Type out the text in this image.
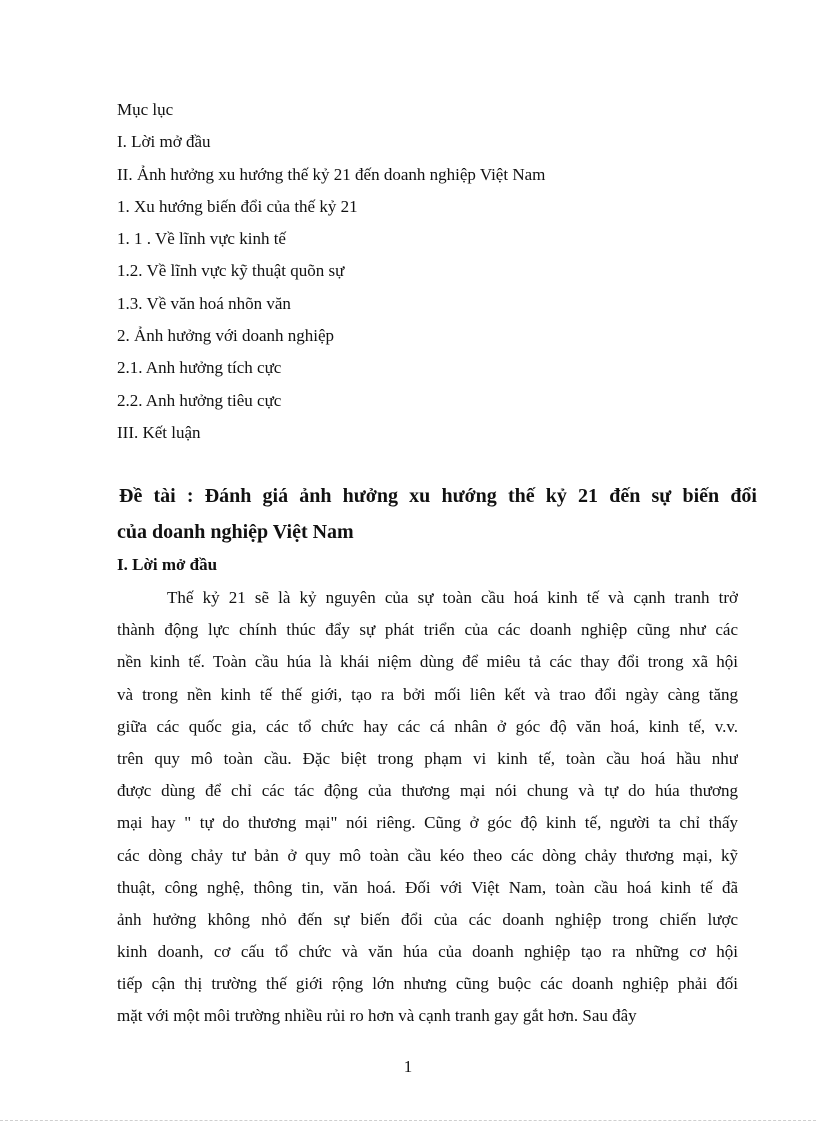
Mục lục
I. Lời mở đầu
II. Ảnh hưởng xu hướng thế kỷ 21 đến doanh nghiệp Việt Nam
1. Xu hướng biến đổi của thế kỷ 21
1. 1 . Về lĩnh vực kinh tế
1.2. Về lĩnh vực kỹ thuật quõn sự
1.3. Về văn hoá nhõn văn
2. Ảnh hưởng với doanh nghiệp
2.1. Anh hưởng tích cực
2.2. Anh hưởng tiêu cực
III. Kết luận
Đề tài : Đánh giá ảnh hưởng xu hướng thế kỷ 21 đến sự biến đổi
của doanh nghiệp Việt Nam
I. Lời mở đầu
Thế kỷ 21 sẽ là kỷ nguyên của sự toàn cầu hoá kinh tế và cạnh tranh trở
thành động lực chính thúc đẩy sự phát triển của các doanh nghiệp cũng như các
nền kinh tế. Toàn cầu húa là khái niệm dùng để miêu tả các thay đổi trong xã hội
và trong nền kinh tế thế giới, tạo ra bởi mối liên kết và trao đổi ngày càng tăng
giữa các quốc gia, các tổ chức hay các cá nhân ở góc độ văn hoá, kinh tế, v.v.
trên quy mô toàn cầu. Đặc biệt trong phạm vi kinh tế, toàn cầu hoá hầu như
được dùng để chỉ các tác động của thương mại nói chung và tự do húa thương
mại hay " tự do thương mại" nói riêng. Cũng ở góc độ kinh tế, người ta chỉ thấy
các dòng chảy tư bản ở quy mô toàn cầu kéo theo các dòng chảy thương mại, kỹ
thuật, công nghệ, thông tin, văn hoá. Đối với Việt Nam, toàn cầu hoá kinh tế đã
ảnh hưởng không nhỏ đến sự biến đổi của các doanh nghiệp trong chiến lược
kinh doanh, cơ cấu tổ chức và văn húa của doanh nghiệp tạo ra những cơ hội
tiếp cận thị trường thế giới rộng lớn nhưng cũng buộc các doanh nghiệp phải đối
mặt với một môi trường nhiều rủi ro hơn và cạnh tranh gay gắt hơn. Sau đây
1
